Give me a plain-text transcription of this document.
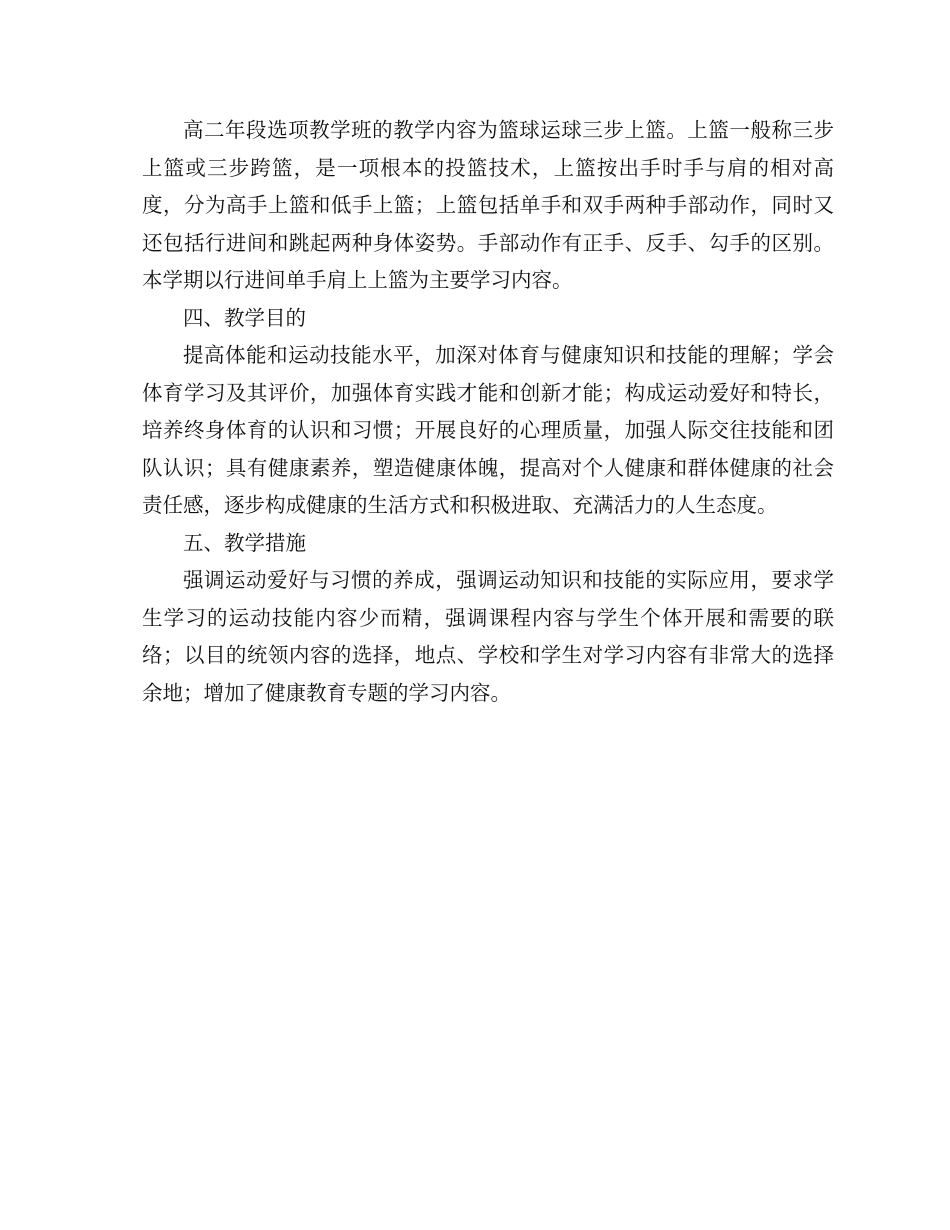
高二年段选项教学班的教学内容为篮球运球三步上篮。上篮一般称三步上篮或三步跨篮，是一项根本的投篮技术，上篮按出手时手与肩的相对高度，分为高手上篮和低手上篮；上篮包括单手和双手两种手部动作，同时又还包括行进间和跳起两种身体姿势。手部动作有正手、反手、勾手的区别。本学期以行进间单手肩上上篮为主要学习内容。

四、教学目的

提高体能和运动技能水平，加深对体育与健康知识和技能的理解；学会体育学习及其评价，加强体育实践才能和创新才能；构成运动爱好和特长，培养终身体育的认识和习惯；开展良好的心理质量，加强人际交往技能和团队认识；具有健康素养，塑造健康体魄，提高对个人健康和群体健康的社会责任感，逐步构成健康的生活方式和积极进取、充满活力的人生态度。

五、教学措施

强调运动爱好与习惯的养成，强调运动知识和技能的实际应用，要求学生学习的运动技能内容少而精，强调课程内容与学生个体开展和需要的联络；以目的统领内容的选择，地点、学校和学生对学习内容有非常大的选择余地；增加了健康教育专题的学习内容。
